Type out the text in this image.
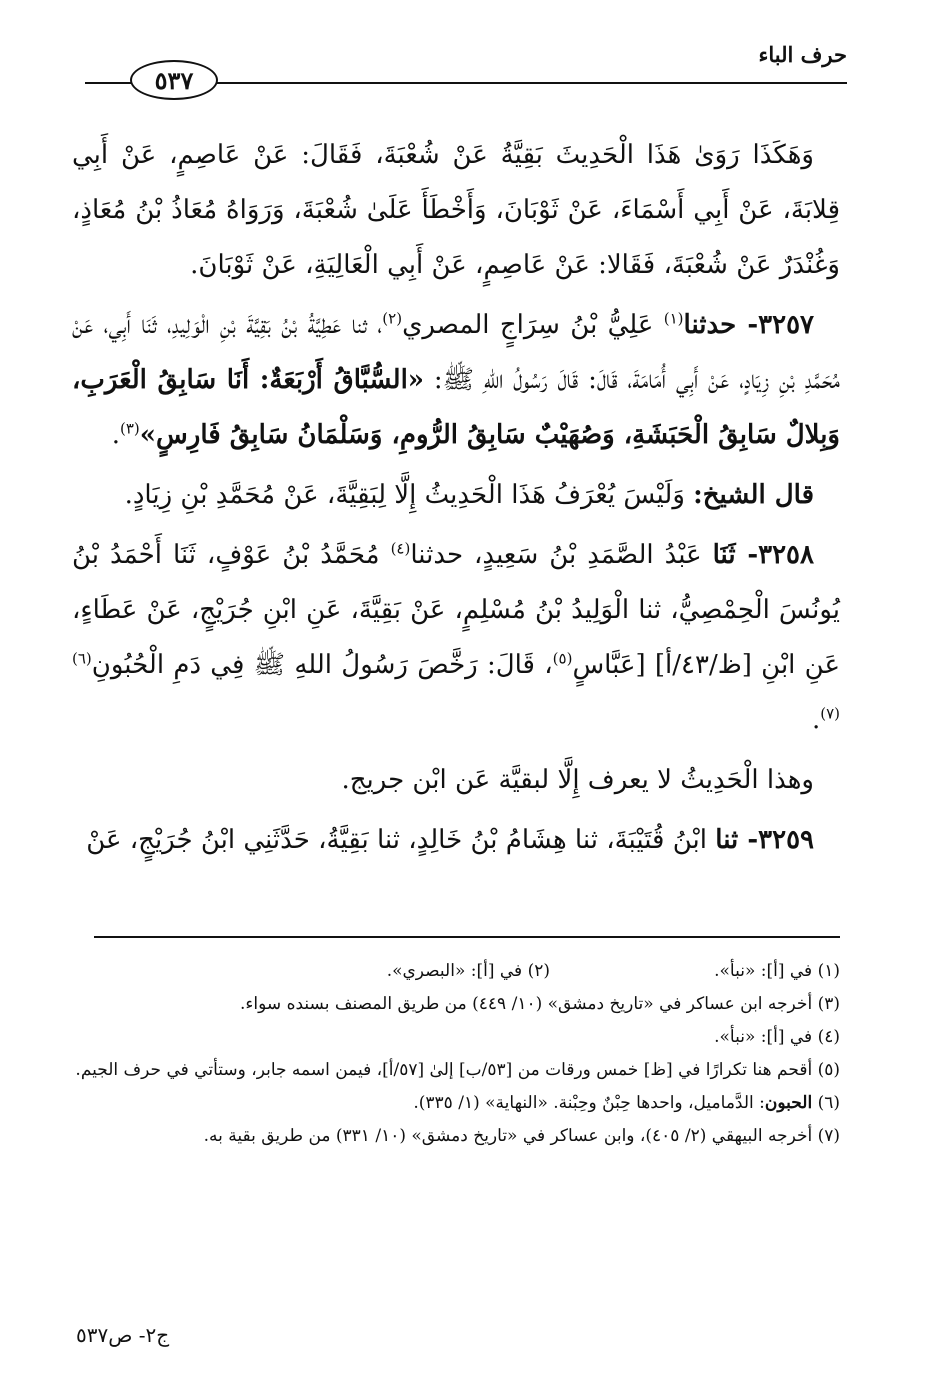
٥٣٧
حرف الباء

وَهَكَذَا رَوَىٰ هَذَا الْحَدِيثَ بَقِيَّةُ عَنْ شُعْبَةَ، فَقَالَ: عَنْ عَاصِمٍ، عَنْ أَبِي قِلابَةَ، عَنْ أَبِي أَسْمَاءَ، عَنْ ثَوْبَانَ، وَأَخْطَأَ عَلَىٰ شُعْبَةَ، وَرَوَاهُ مُعَاذُ بْنُ مُعَاذٍ، وَغُنْدَرٌ عَنْ شُعْبَةَ، فَقَالا: عَنْ عَاصِمٍ، عَنْ أَبِي الْعَالِيَةِ، عَنْ ثَوْبَانَ.

٣٢٥٧- حدثنا$^{(١)}$ عَلِيُّ بْنُ سِرَاجٍ المصري$^{(٢)}$، ثنا عَطِيَّةُ بْنُ بَقِيَّةَ بْنِ الْوَلِيدِ، ثَنَا أَبِي، عَنْ مُحَمَّدِ بْنِ زِيَادٍ، عَنْ أَبِي أُمَامَةَ، قَالَ: قَالَ رَسُولُ اللهِ ﷺ: «السُّبَّاقُ أَرْبَعَةٌ: أَنَا سَابِقُ الْعَرَبِ، وَبِلالٌ سَابِقُ الْحَبَشَةِ، وَصُهَيْبٌ سَابِقُ الرُّومِ، وَسَلْمَانُ سَابِقُ فَارِسٍ»$^{(٣)}$.

قال الشيخ: وَلَيْسَ يُعْرَفُ هَذَا الْحَدِيثُ إِلَّا لِبَقِيَّةَ، عَنْ مُحَمَّدِ بْنِ زِيَادٍ.

٣٢٥٨- ثَنَا عَبْدُ الصَّمَدِ بْنُ سَعِيدٍ، حدثنا$^{(٤)}$ مُحَمَّدُ بْنُ عَوْفٍ، ثَنَا أَحْمَدُ بْنُ يُونُسَ الْحِمْصِيُّ، ثنا الْوَلِيدُ بْنُ مُسْلِمٍ، عَنْ بَقِيَّةَ، عَنِ ابْنِ جُرَيْجٍ، عَنْ عَطَاءٍ، عَنِ ابْنِ [ظ/٤٣/أ] [عَبَّاسٍ$^{(٥)}$، قَالَ: رَخَّصَ رَسُولُ اللهِ ﷺ فِي دَمِ الْحُبُونِ$^{(٦)(٧)}$.

وهذا الْحَدِيثُ لا يعرف إِلَّا لبقيَّة عَن ابْن جريج.

٣٢٥٩- ثنا ابْنُ قُتَيْبَةَ، ثنا هِشَامُ بْنُ خَالِدٍ، ثنا بَقِيَّةُ، حَدَّثَنِي ابْنُ جُرَيْجٍ، عَنْ

(١) في [أ]: «نبأ».
(٢) في [أ]: «البصري».

(٣) أخرجه ابن عساكر في «تاريخ دمشق» (١٠/ ٤٤٩) من طريق المصنف بسنده سواء.

(٤) في [أ]: «نبأ».

(٥) أقحم هنا تكرارًا في [ظ] خمس ورقات من [٥٣/ب] إلىٰ [٥٧/أ]، فيمن اسمه جابر، وستأتي في حرف الجيم.

(٦) الحبون: الدَّماميل، واحدها حِبْنٌ وحِبْنة. «النهاية» (١/ ٣٣٥).

(٧) أخرجه البيهقي (٢/ ٤٠٥)، وابن عساكر في «تاريخ دمشق» (١٠/ ٣٣١) من طريق بقية به.

ج٢- ص٥٣٧
